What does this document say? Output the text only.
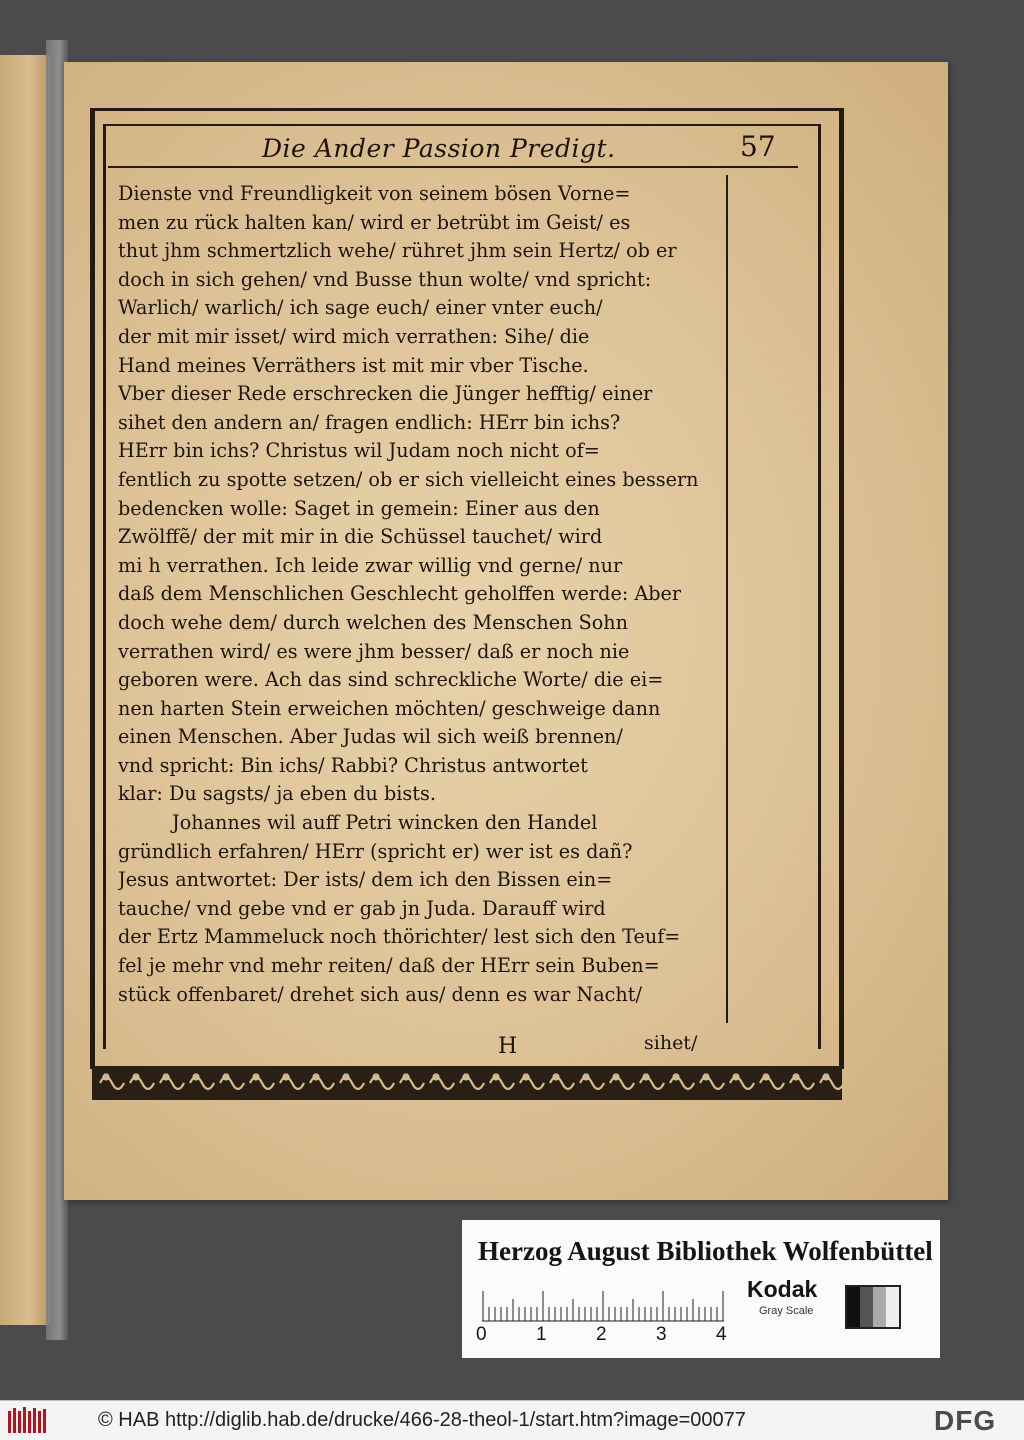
Die Ander Passion Predigt.	57
Dienste vnd Freundligkeit von seinem bösen Vorne=
men zu rück halten kan/ wird er betrübt im Geist/ es
thut jhm schmertzlich wehe/ rühret jhm sein Hertz/ ob er
doch in sich gehen/ vnd Busse thun wolte/ vnd spricht:
Warlich/ warlich/ ich sage euch/ einer vnter euch/
der mit mir isset/ wird mich verrathen: Sihe/ die
Hand meines Verräthers ist mit mir vber Tische.
Vber dieser Rede erschrecken die Jünger hefftig/ einer
sihet den andern an/ fragen endlich: HErr bin ichs?
HErr bin ichs? Christus wil Judam noch nicht of=
fentlich zu spotte setzen/ ob er sich vielleicht eines bessern
bedencken wolle: Saget in gemein: Einer aus den
Zwölffẽ/ der mit mir in die Schüssel tauchet/ wird
mi h verrathen. Ich leide zwar willig vnd gerne/ nur
daß dem Menschlichen Geschlecht geholffen werde: Aber
doch wehe dem/ durch welchen des Menschen Sohn
verrathen wird/ es were jhm besser/ daß er noch nie
geboren were. Ach das sind schreckliche Worte/ die ei=
nen harten Stein erweichen möchten/ geschweige dann
einen Menschen. Aber Judas wil sich weiß brennen/
vnd spricht: Bin ichs/ Rabbi? Christus antwortet
klar: Du sagsts/ ja eben du bists.
Johannes wil auff Petri wincken den Handel
gründlich erfahren/ HErr (spricht er) wer ist es dañ?
Jesus antwortet: Der ists/ dem ich den Bissen ein=
tauche/ vnd gebe vnd er gab jn Juda. Darauff wird
der Ertz Mammeluck noch thörichter/ lest sich den Teuf=
fel je mehr vnd mehr reiten/ daß der HErr sein Buben=
stück offenbaret/ drehet sich aus/ denn es war Nacht/
H	sihet/
Herzog August Bibliothek Wolfenbüttel
0	1	2	3	4
Kodak
Gray Scale
© HAB http://diglib.hab.de/drucke/466-28-theol-1/start.htm?image=00077	DFG
